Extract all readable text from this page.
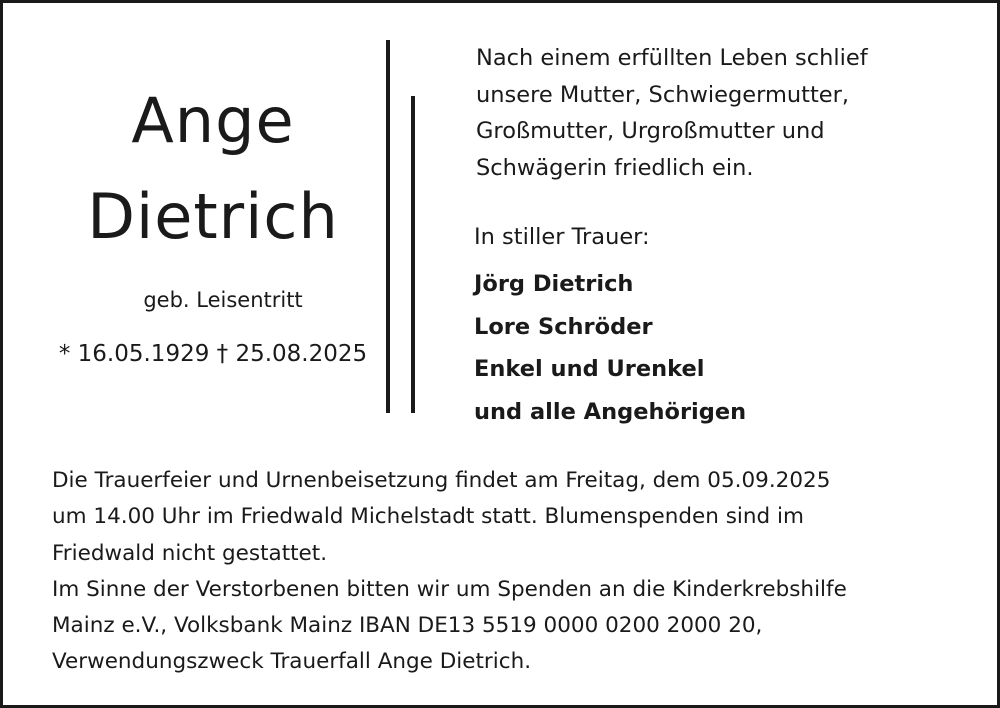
Ange
Dietrich
geb. Leisentritt
* 16.05.1929 † 25.08.2025
Nach einem erfüllten Leben schlief
unsere Mutter, Schwiegermutter,
Großmutter, Urgroßmutter und
Schwägerin friedlich ein.
In stiller Trauer:
Jörg Dietrich
Lore Schröder
Enkel und Urenkel
und alle Angehörigen
Die Trauerfeier und Urnenbeisetzung findet am Freitag, dem 05.09.2025
um 14.00 Uhr im Friedwald Michelstadt statt. Blumenspenden sind im
Friedwald nicht gestattet.
Im Sinne der Verstorbenen bitten wir um Spenden an die Kinderkrebshilfe
Mainz e.V., Volksbank Mainz IBAN DE13 5519 0000 0200 2000 20,
Verwendungszweck Trauerfall Ange Dietrich.
